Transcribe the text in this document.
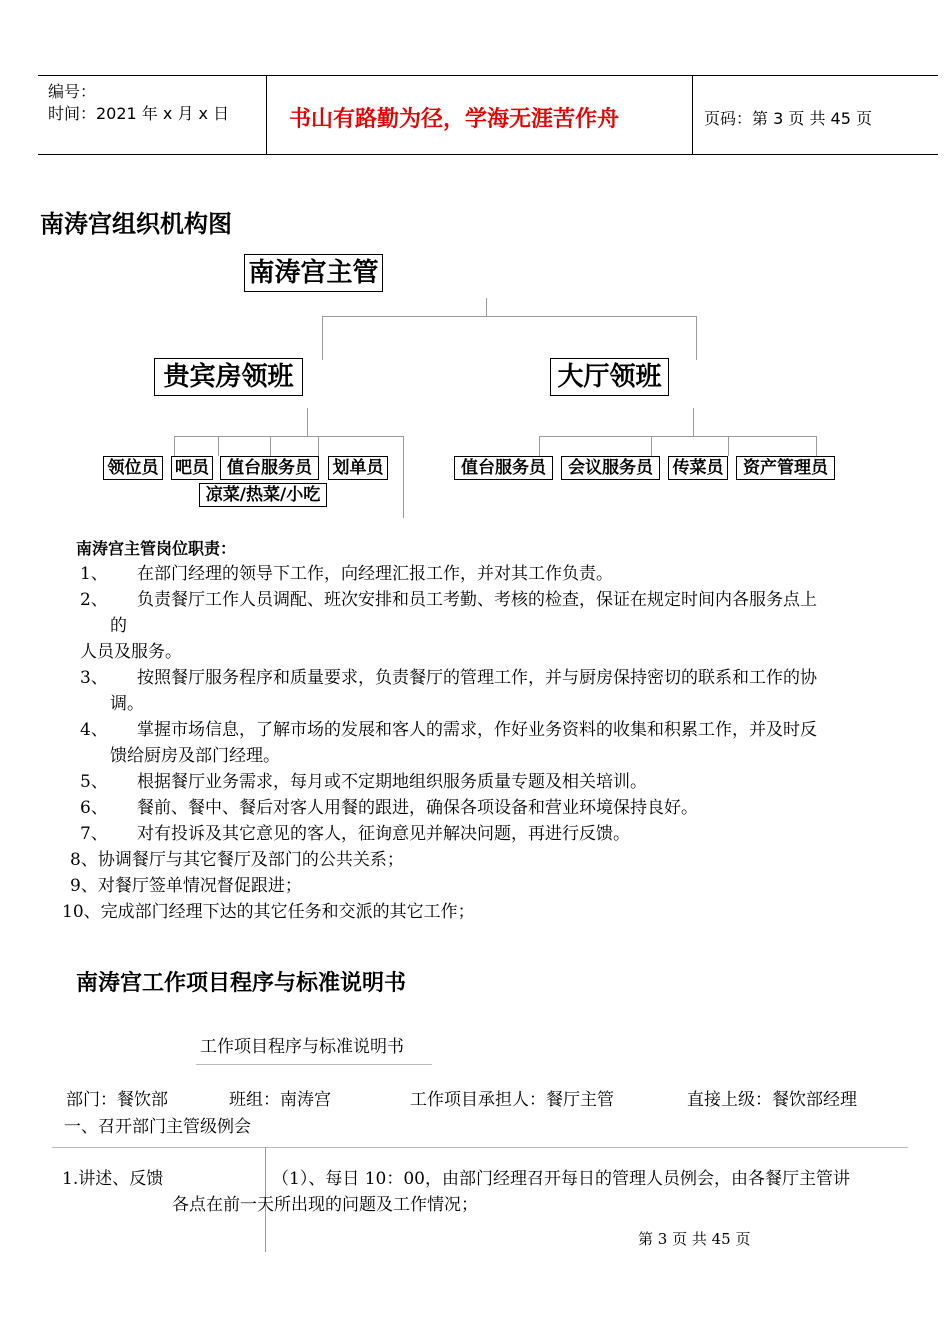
编号：
时间：2021 年 x 月 x 日	书山有路勤为径，学海无涯苦作舟	页码：第 3 页 共 45 页
南涛宫组织机构图
南涛宫主管
贵宾房领班	大厅领班
领位员 吧员	值台服务员	划单员
凉菜/热菜/小吃
值台服务员	会议服务员	传菜员	资产管理员
南涛宫主管岗位职责：
1、 在部门经理的领导下工作，向经理汇报工作，并对其工作负责。
2、 负责餐厅工作人员调配、班次安排和员工考勤、考核的检查，保证在规定时间内各服务点上
的
人员及服务。
3、 按照餐厅服务程序和质量要求，负责餐厅的管理工作，并与厨房保持密切的联系和工作的协
调。
4、 掌握市场信息，了解市场的发展和客人的需求，作好业务资料的收集和积累工作，并及时反
馈给厨房及部门经理。
5、 根据餐厅业务需求，每月或不定期地组织服务质量专题及相关培训。
6、 餐前、餐中、餐后对客人用餐的跟进，确保各项设备和营业环境保持良好。
7、 对有投诉及其它意见的客人，征询意见并解决问题，再进行反馈。
8、协调餐厅与其它餐厅及部门的公共关系；
9、对餐厅签单情况督促跟进；
10、完成部门经理下达的其它任务和交派的其它工作；
南涛宫工作项目程序与标准说明书
工作项目程序与标准说明书
部门：餐饮部	班组：南涛宫	工作项目承担人：餐厅主管	直接上级：餐饮部经理
一、召开部门主管级例会
1.讲述、反馈	（1）、每日 10：00，由部门经理召开每日的管理人员例会，由各餐厅主管讲
各点在前一天所出现的问题及工作情况；
第 3 页 共 45 页
